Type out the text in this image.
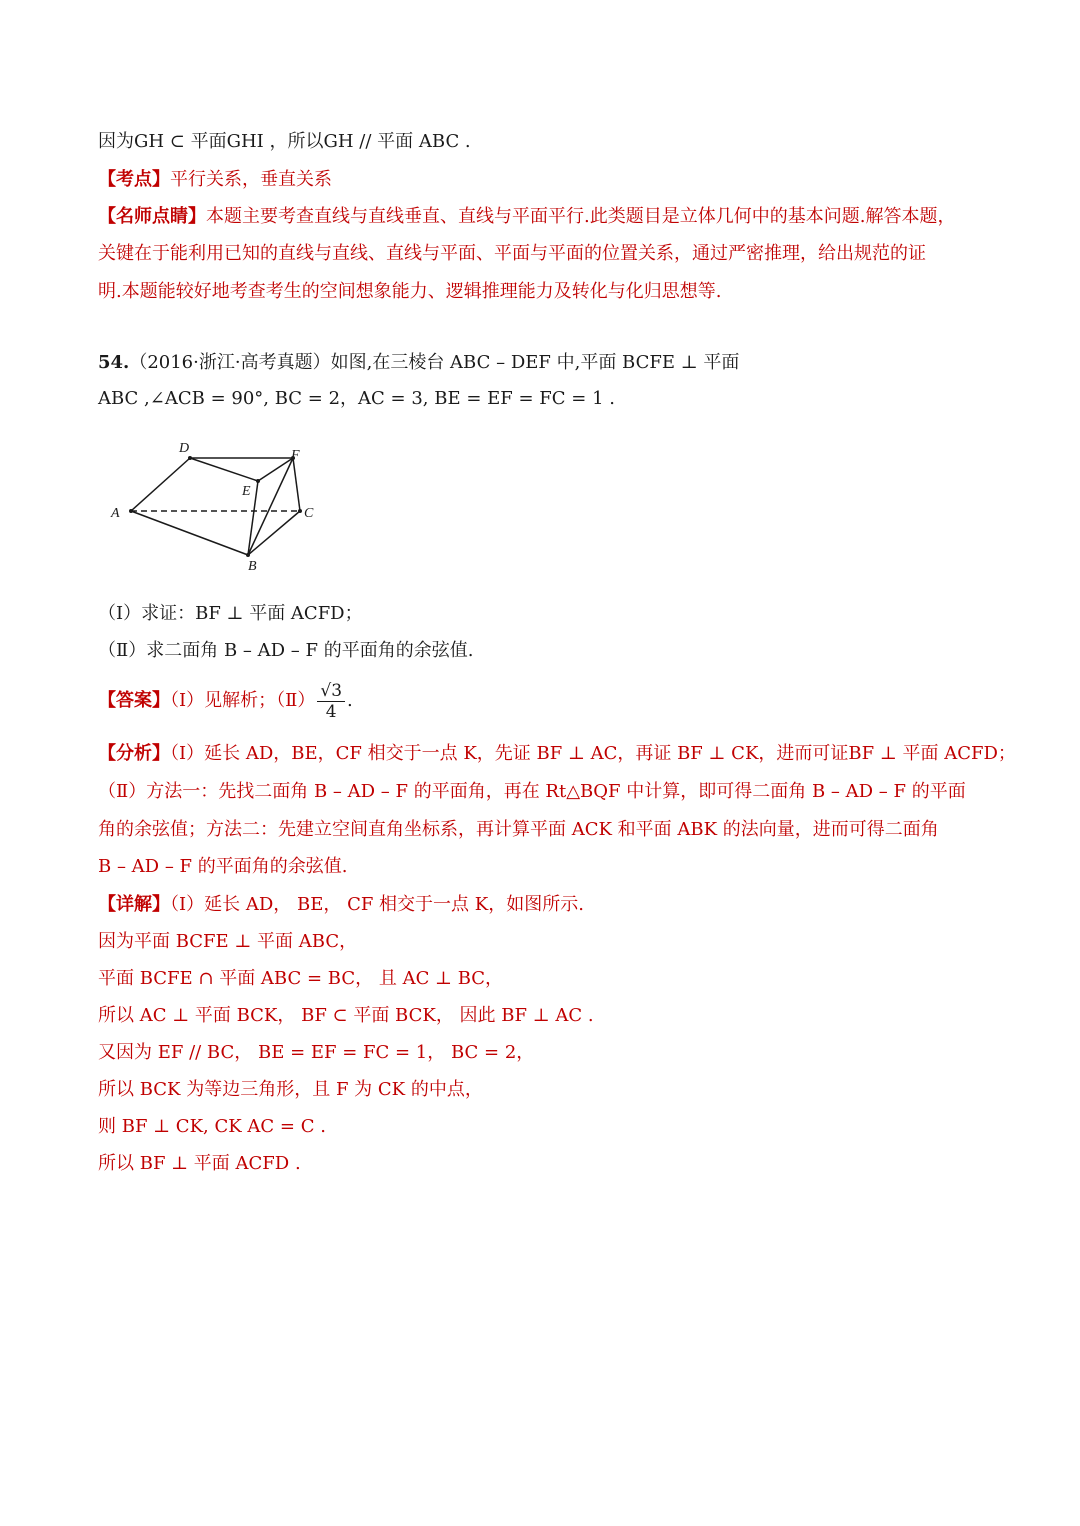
因为GH ⊂ 平面GHI ，所以GH // 平面 ABC .
【考点】平行关系，垂直关系
【名师点睛】本题主要考查直线与直线垂直、直线与平面平行.此类题目是立体几何中的基本问题.解答本题，
关键在于能利用已知的直线与直线、直线与平面、平面与平面的位置关系，通过严密推理，给出规范的证
明.本题能较好地考查考生的空间想象能力、逻辑推理能力及转化与化归思想等.
54.（2016·浙江·高考真题）如图,在三棱台 ABC – DEF 中,平面 BCFE ⊥ 平面
ABC ,∠ACB = 90°, BC = 2，AC = 3, BE = EF = FC = 1 .
A
D	F
E
B
C
（Ⅰ）求证：BF ⊥ 平面 ACFD；
（Ⅱ）求二面角 B – AD – F 的平面角的余弦值.
【答案】（Ⅰ）见解析；（Ⅱ） $\frac{√3}{4}$ .
【分析】（Ⅰ）延长 AD，BE，CF 相交于一点 K，先证 BF ⊥ AC，再证 BF ⊥ CK，进而可证BF ⊥ 平面 ACFD；
（Ⅱ）方法一：先找二面角 B – AD – F 的平面角，再在 Rt△BQF 中计算，即可得二面角 B – AD – F 的平面
角的余弦值；方法二：先建立空间直角坐标系，再计算平面 ACK 和平面 ABK 的法向量，进而可得二面角
B – AD – F 的平面角的余弦值.
【详解】（Ⅰ）延长 AD， BE， CF 相交于一点 K，如图所示.
因为平面 BCFE ⊥ 平面 ABC，
平面 BCFE ∩ 平面 ABC = BC， 且 AC ⊥ BC，
所以 AC ⊥ 平面 BCK， BF ⊂ 平面 BCK， 因此 BF ⊥ AC .
又因为 EF // BC， BE = EF = FC = 1， BC = 2，
所以 BCK 为等边三角形，且 F 为 CK 的中点，
则 BF ⊥ CK, CK AC = C .
所以 BF ⊥ 平面 ACFD .
